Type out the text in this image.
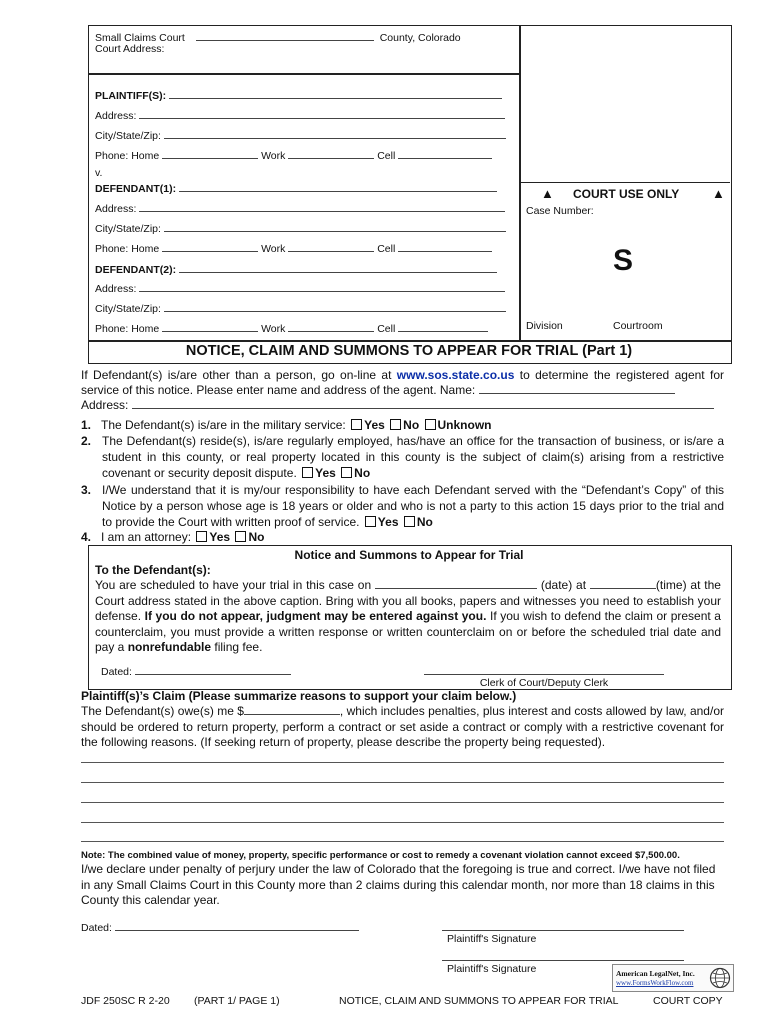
Small Claims Court	County, Colorado
Court Address:
PLAINTIFF(S):
Address:
City/State/Zip:
Phone: Home	Work	Cell
v.
DEFENDANT(1):
Address:
City/State/Zip:
Phone: Home	Work	Cell
DEFENDANT(2):
Address:
City/State/Zip:
Phone: Home	Work	Cell
▲ COURT USE ONLY	▲
Case Number:
S
Division	Courtroom
NOTICE, CLAIM AND SUMMONS TO APPEAR FOR TRIAL (Part 1)
If Defendant(s) is/are other than a person, go on-line at www.sos.state.co.us to determine the registered agent for service of this notice. Please enter name and address of the agent. Name:
Address:
1. The Defendant(s) is/are in the military service: Yes No Unknown
2. The Defendant(s) reside(s), is/are regularly employed, has/have an office for the transaction of business, or is/are a student in this county, or real property located in this county is the subject of claim(s) arising from a restrictive covenant or security deposit dispute. Yes No
3. I/We understand that it is my/our responsibility to have each Defendant served with the “Defendant’s Copy” of this Notice by a person whose age is 18 years or older and who is not a party to this action 15 days prior to the trial and to provide the Court with written proof of service. Yes No
4. I am an attorney: Yes No
Notice and Summons to Appear for Trial
To the Defendant(s):
You are scheduled to have your trial in this case on	(date) at	(time) at the Court address stated in the above caption. Bring with you all books, papers and witnesses you need to establish your defense. If you do not appear, judgment may be entered against you. If you wish to defend the claim or present a counterclaim, you must provide a written response or written counterclaim on or before the scheduled trial date and pay a nonrefundable filing fee.
Dated:
Clerk of Court/Deputy Clerk
Plaintiff(s)’s Claim (Please summarize reasons to support your claim below.)
The Defendant(s) owe(s) me $	, which includes penalties, plus interest and costs allowed by law, and/or should be ordered to return property, perform a contract or set aside a contract or comply with a restrictive covenant for the following reasons. (If seeking return of property, please describe the property being requested).
Note: The combined value of money, property, specific performance or cost to remedy a covenant violation cannot exceed $7,500.00.
I/we declare under penalty of perjury under the law of Colorado that the foregoing is true and correct. I/we have not filed in any Small Claims Court in this County more than 2 claims during this calendar month, nor more than 18 claims in this County this calendar year.
Dated:
Plaintiff's Signature
Plaintiff's Signature	American LegalNet, Inc.
www.FormsWorkFlow.com
JDF 250SC R 2-20 (PART 1/ PAGE 1)	NOTICE, CLAIM AND SUMMONS TO APPEAR FOR TRIAL	COURT COPY
